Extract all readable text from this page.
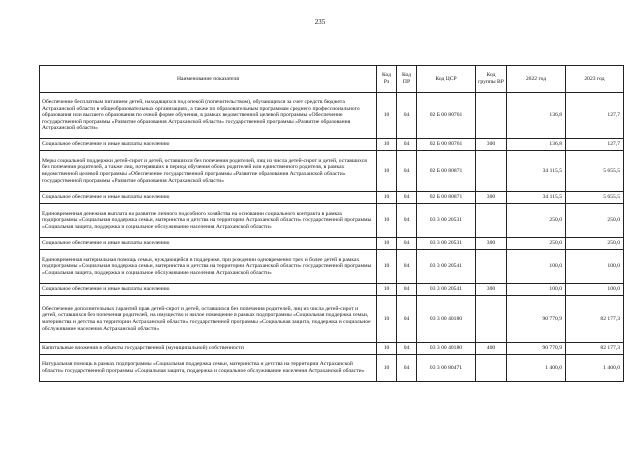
235
Наименование показателя	Код Рз	Код ПР	Код ЦСР	Код группы ВР	2022 год	2023 год
Обеспечение бесплатным питанием детей, находящихся под опекой (попечительством), обучающихся за счет средств бюджета Астраханской области в общеобразовательных организациях, а также по образовательным программам среднего профессионального образования или высшего образования по очной форме обучения, в рамках ведомственной целевой программы «Обеспечение государственной программы «Развитие образования Астраханской области» государственной программы «Развитие образования Астраханской области»	10	04	02 Б 00 80761		136,8	127,7
Социальное обеспечение и иные выплаты населению	10	04	02 Б 00 80761	300	136,8	127,7
Меры социальной поддержки детей-сирот и детей, оставшихся без попечения родителей, лиц из числа детей-сирот и детей, оставшихся без попечения родителей, а также лиц, потерявших в период обучения обоих родителей или единственного родителя, в рамках ведомственной целевой программы «Обеспечение государственной программы «Развитие образования Астраханской области» государственной программы «Развитие образования Астраханской области»	10	04	02 Б 00 80871		34 115,5	5 655,5
Социальное обеспечение и иные выплаты населению	10	04	02 Б 00 80871	300	34 115,5	5 655,5
Единовременная денежная выплата на развитие личного подсобного хозяйства на основании социального контракта в рамках подпрограммы «Социальная поддержка семьи, материнства и детства на территории Астраханской области» государственной программы «Социальная защита, поддержка и социальное обслуживание населения Астраханской области»	10	04	03 3 00 20531		250,0	250,0
Социальное обеспечение и иные выплаты населению	10	04	03 3 00 20531	300	250,0	250,0
Единовременная материальная помощь семьи, нуждающейся в поддержке, при рождении одновременно трех и более детей в рамках подпрограммы «Социальная поддержка семьи, материнства и детства на территории Астраханской области» государственной программы «Социальная защита, поддержка и социальное обслуживание населения Астраханской области»	10	04	03 3 00 20541		100,0	100,0
Социальное обеспечение и иные выплаты населению	10	04	03 3 00 20541	300	100,0	100,0
Обеспечение дополнительных гарантий прав детей-сирот и детей, оставшихся без попечения родителей, лиц из числа детей-сирот и детей, оставшихся без попечения родителей, на имущество и жилое помещение в рамках подпрограммы «Социальная поддержка семьи, материнства и детства на территории Астраханской области» государственной программы «Социальная защита, поддержка и социальное обслуживание населения Астраханской области»	10	04	03 3 00 40180		90 770,9	82 177,3
Капитальные вложения в объекты государственной (муниципальной) собственности	10	04	03 3 00 40180	400	90 770,9	82 177,3
Натуральная помощь в рамках подпрограммы «Социальная поддержка семьи, материнства и детства на территории Астраханской области» государственной программы «Социальная защита, поддержка и социальное обслуживание населения Астраханской области»	10	04	03 3 00 80471		1 400,0	1 400,0
